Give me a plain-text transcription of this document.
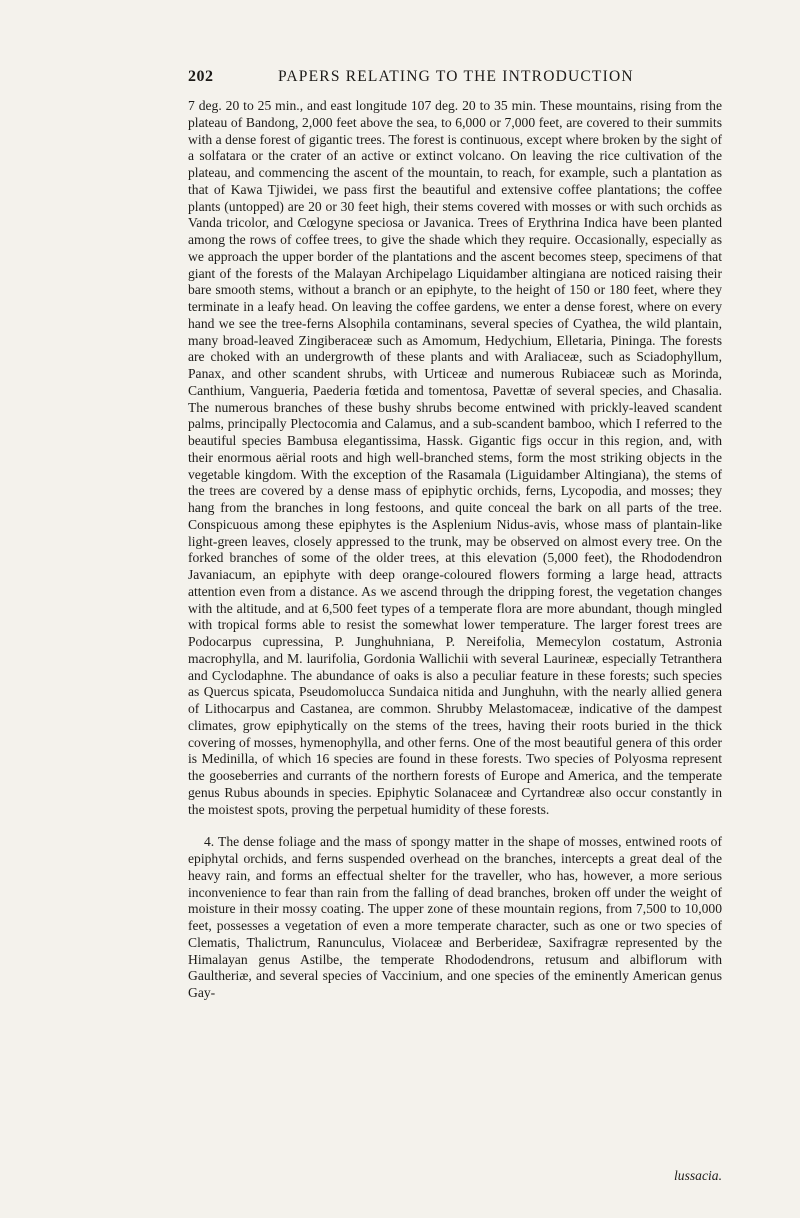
202	PAPERS RELATING TO THE INTRODUCTION

7 deg. 20 to 25 min., and east longitude 107 deg. 20 to 35 min. These mountains, rising from the plateau of Bandong, 2,000 feet above the sea, to 6,000 or 7,000 feet, are covered to their summits with a dense forest of gigantic trees. The forest is continuous, except where broken by the sight of a solfatara or the crater of an active or extinct volcano. On leaving the rice cultivation of the plateau, and commencing the ascent of the mountain, to reach, for example, such a plantation as that of Kawa Tjiwidei, we pass first the beautiful and extensive coffee plantations; the coffee plants (untopped) are 20 or 30 feet high, their stems covered with mosses or with such orchids as Vanda tricolor, and Cœlogyne speciosa or Javanica. Trees of Erythrina Indica have been planted among the rows of coffee trees, to give the shade which they require. Occasionally, especially as we approach the upper border of the plantations and the ascent becomes steep, specimens of that giant of the forests of the Malayan Archipelago Liquidamber altingiana are noticed raising their bare smooth stems, without a branch or an epiphyte, to the height of 150 or 180 feet, where they terminate in a leafy head. On leaving the coffee gardens, we enter a dense forest, where on every hand we see the tree-ferns Alsophila contaminans, several species of Cyathea, the wild plantain, many broad-leaved Zingiberaceæ such as Amomum, Hedychium, Elletaria, Pininga. The forests are choked with an undergrowth of these plants and with Araliaceæ, such as Sciadophyllum, Panax, and other scandent shrubs, with Urticeæ and numerous Rubiaceæ such as Morinda, Canthium, Vangueria, Paederia fœtida and tomentosa, Pavettæ of several species, and Chasalia. The numerous branches of these bushy shrubs become entwined with prickly-leaved scandent palms, principally Plectocomia and Calamus, and a sub-scandent bamboo, which I referred to the beautiful species Bambusa elegantissima, Hassk. Gigantic figs occur in this region, and, with their enormous aërial roots and high well-branched stems, form the most striking objects in the vegetable kingdom. With the exception of the Rasamala (Liguidamber Altingiana), the stems of the trees are covered by a dense mass of epiphytic orchids, ferns, Lycopodia, and mosses; they hang from the branches in long festoons, and quite conceal the bark on all parts of the tree. Conspicuous among these epiphytes is the Asplenium Nidus-avis, whose mass of plantain-like light-green leaves, closely appressed to the trunk, may be observed on almost every tree. On the forked branches of some of the older trees, at this elevation (5,000 feet), the Rhododendron Javaniacum, an epiphyte with deep orange-coloured flowers forming a large head, attracts attention even from a distance. As we ascend through the dripping forest, the vegetation changes with the altitude, and at 6,500 feet types of a temperate flora are more abundant, though mingled with tropical forms able to resist the somewhat lower temperature. The larger forest trees are Podocarpus cupressina, P. Junghuhniana, P. Nereifolia, Memecylon costatum, Astronia macrophylla, and M. laurifolia, Gordonia Wallichii with several Laurineæ, especially Tetranthera and Cyclodaphne. The abundance of oaks is also a peculiar feature in these forests; such species as Quercus spicata, Pseudomolucca Sundaica nitida and Junghuhn, with the nearly allied genera of Lithocarpus and Castanea, are common. Shrubby Melastomaceæ, indicative of the dampest climates, grow epiphytically on the stems of the trees, having their roots buried in the thick covering of mosses, hymenophylla, and other ferns. One of the most beautiful genera of this order is Medinilla, of which 16 species are found in these forests. Two species of Polyosma represent the gooseberries and currants of the northern forests of Europe and America, and the temperate genus Rubus abounds in species. Epiphytic Solanaceæ and Cyrtandreæ also occur constantly in the moistest spots, proving the perpetual humidity of these forests.

4. The dense foliage and the mass of spongy matter in the shape of mosses, entwined roots of epiphytal orchids, and ferns suspended overhead on the branches, intercepts a great deal of the heavy rain, and forms an effectual shelter for the traveller, who has, however, a more serious inconvenience to fear than rain from the falling of dead branches, broken off under the weight of moisture in their mossy coating. The upper zone of these mountain regions, from 7,500 to 10,000 feet, possesses a vegetation of even a more temperate character, such as one or two species of Clematis, Thalictrum, Ranunculus, Violaceæ and Berberideæ, Saxifragræ represented by the Himalayan genus Astilbe, the temperate Rhododendrons, retusum and albiflorum with Gaultheriæ, and several species of Vaccinium, and one species of the eminently American genus Gay-

lussacia.
